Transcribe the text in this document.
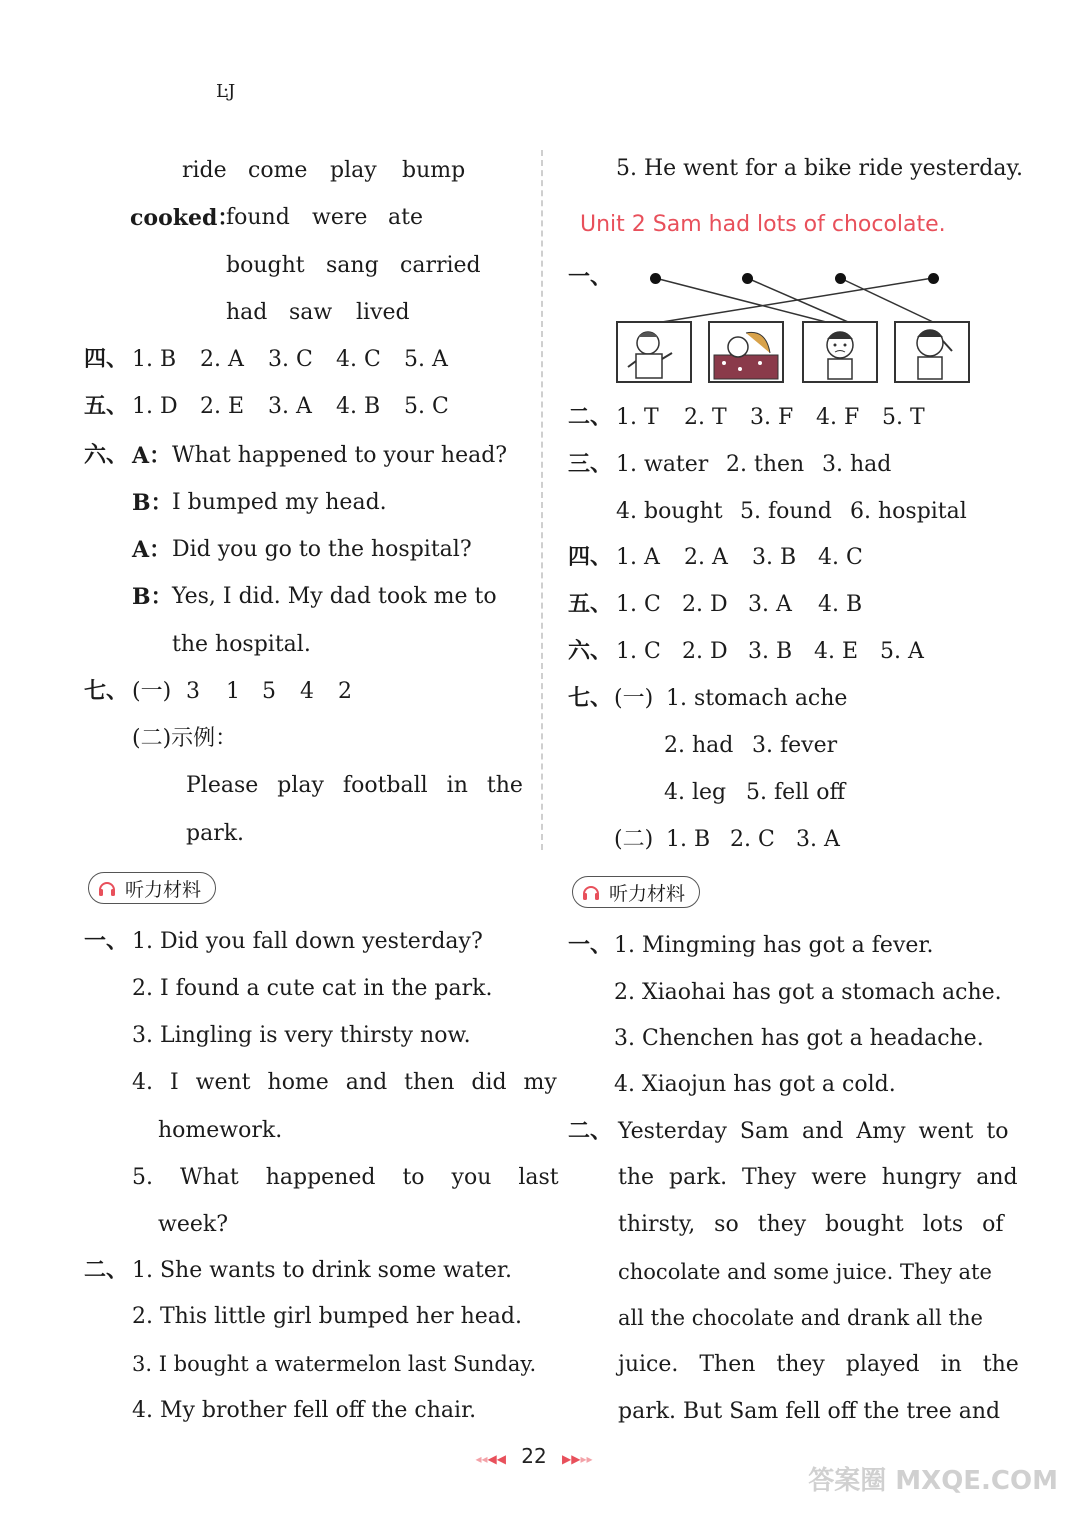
ĿJ
ride come play bump
cooked：
found were ate
bought sang carried
had saw lived
四、 1. B 2. A 3. C 4. C 5. A
五、 1. D 2. E 3. A 4. B 5. C
六、 A： What happened to your head?
B： I bumped my head.
A： Did you go to the hospital?
B： Yes, I did. My dad took me to
the hospital.
七、 (一) 3 1 5 4 2
(二)示例：
Please play football in the
park.
听力材料
一、 1. Did you fall down yesterday?
2. I found a cute cat in the park.
3. Lingling is very thirsty now.
4. I went home and then did my
homework.
5. What happened to you last
week?
二、 1. She wants to drink some water.
2. This little girl bumped her head.
3. I bought a watermelon last Sunday.
4. My brother fell off the chair.
5. He went for a bike ride yesterday.
Unit 2 Sam had lots of chocolate.
一、
二、 1. T 2. T 3. F 4. F 5. T
三、 1. water 2. then 3. had
4. bought 5. found 6. hospital
四、 1. A 2. A 3. B 4. C
五、 1. C 2. D 3. A 4. B
六、 1. C 2. D 3. B 4. E 5. A
七、 (一) 1. stomach ache
2. had 3. fever
4. leg 5. fell off
(二) 1. B 2. C 3. A
听力材料
一、 1. Mingming has got a fever.
2. Xiaohai has got a stomach ache.
3. Chenchen has got a headache.
4. Xiaojun has got a cold.
二、 Yesterday Sam and Amy went to
the park. They were hungry and
thirsty, so they bought lots of
chocolate and some juice. They ate
all the chocolate and drank all the
juice. Then they played in the
park. But Sam fell off the tree and
◂◂◀◀ 22 ▶▶▸▸
答案圈 MXQE.COM
